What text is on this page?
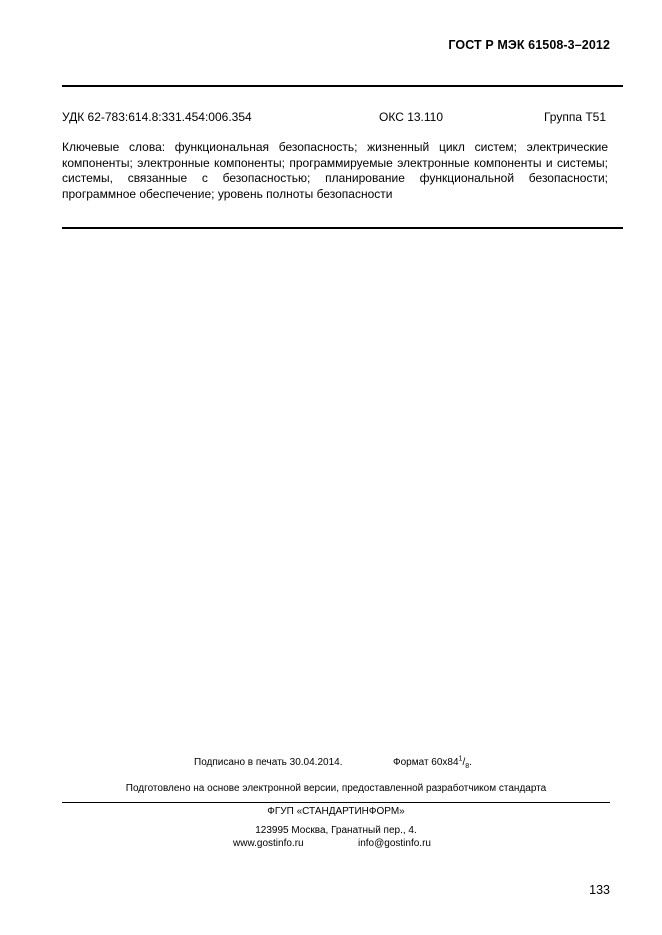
ГОСТ Р МЭК 61508-3–2012
УДК 62-783:614.8:331.454:006.354	ОКС 13.110	Группа Т51
Ключевые слова: функциональная безопасность; жизненный цикл систем; электрические компоненты; электронные компоненты; программируемые электронные компоненты и системы; системы, связанные с безопасностью; планирование функциональной безопасности; программное обеспечение; уровень полноты безопасности
Подписано в печать 30.04.2014.	Формат $60х84^1/_8$.
Подготовлено на основе электронной версии, предоставленной разработчиком стандарта
ФГУП «СТАНДАРТИНФОРМ»
123995 Москва, Гранатный пер., 4.
www.gostinfo.ru	info@gostinfo.ru
133
